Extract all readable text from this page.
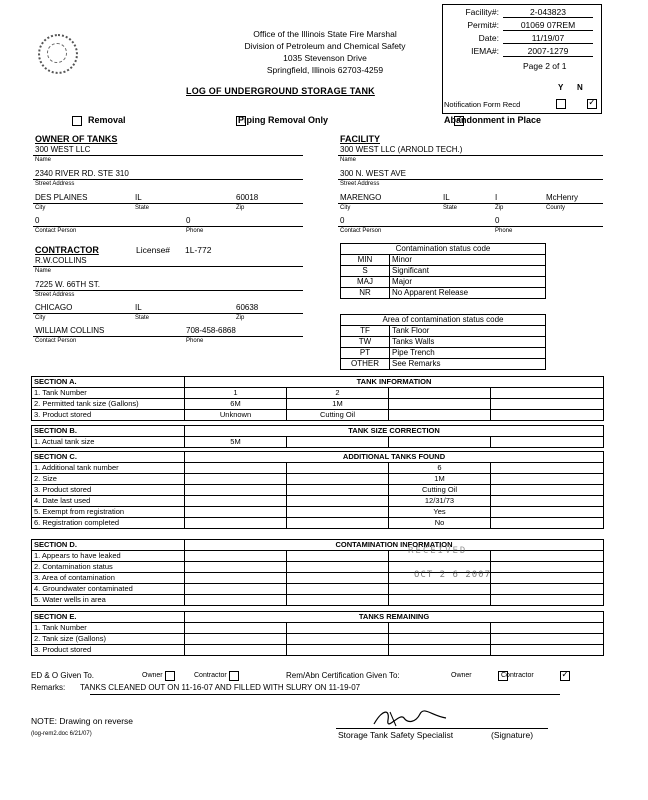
Office of the Illinois State Fire Marshal
Division of Petroleum and Chemical Safety
1035 Stevenson Drive
Springfield, Illinois 62703-4259
LOG OF UNDERGROUND STORAGE TANK
Facility#:	2-043823
Permit#:	01069 07REM
Date:	11/19/07
IEMA#:	2007-1279
Page 2 of 1
Y N
Notification Form Recd
✓

Removal
	Piping Removal Only ✓	Abandonment in Place
OWNER OF TANKS
300 WEST LLC
Name
2340 RIVER RD. STE 310
Street Address
DES PLAINES	IL	60018
City	State	Zip
0	0
Contact Person	Phone
FACILITY
300 WEST LLC (ARNOLD TECH.)
Name
300 N. WEST AVE
Street Address
MARENGO	IL	I	McHenry
City	State	Zip	County
0	0
Contact Person	Phone
CONTRACTOR	License# 1L-772
R.W.COLLINS
Name
7225 W. 66TH ST.
Street Address
CHICAGO	IL	60638
City	State	Zip
WILLIAM COLLINS	708-458-6868
Contact Person	Phone
Contamination status code	
MIN	Minor
S	Significant
MAJ	Major
NR	No Apparent Release
Area of contamination status code	
TF	Tank Floor
TW	Tanks Walls
PT	Pipe Trench
OTHER	See Remarks
SECTION A.	TANK INFORMATION			
1. Tank Number	1	2		
2. Permitted tank size (Gallons)	6M	1M		
3. Product stored	Unknown	Cutting Oil		
SECTION B.	TANK SIZE CORRECTION			
1. Actual tank size	5M			
SECTION C.	ADDITIONAL TANKS FOUND			
1. Additional tank number			6	
2. Size			1M	
3. Product stored			Cutting Oil	
4. Date last used			12/31/73	
5. Exempt from registration			Yes	
6. Registration completed			No	
SECTION D.	CONTAMINATION INFORMATION			
1. Appears to have leaked				
2. Contamination status				
3. Area of contamination				
4. Groundwater contaminated				
5. Water wells in area				
SECTION E.	TANKS REMAINING			
1. Tank Number				
2. Tank size (Gallons)				
3. Product stored				
RECEIVED
OCT 2 6 2007
ED & O Given To.
	Owner
	Contractor	Rem/Abn Certification Given To:
	Owner ✓	Contractor
Remarks: TANKS CLEANED OUT ON 11-16-07 AND FILLED WITH SLURY ON 11-19-07
NOTE: Drawing on reverse
(log-rem2.doc 6/21/07)	Storage Tank Safety Specialist	(Signature)
